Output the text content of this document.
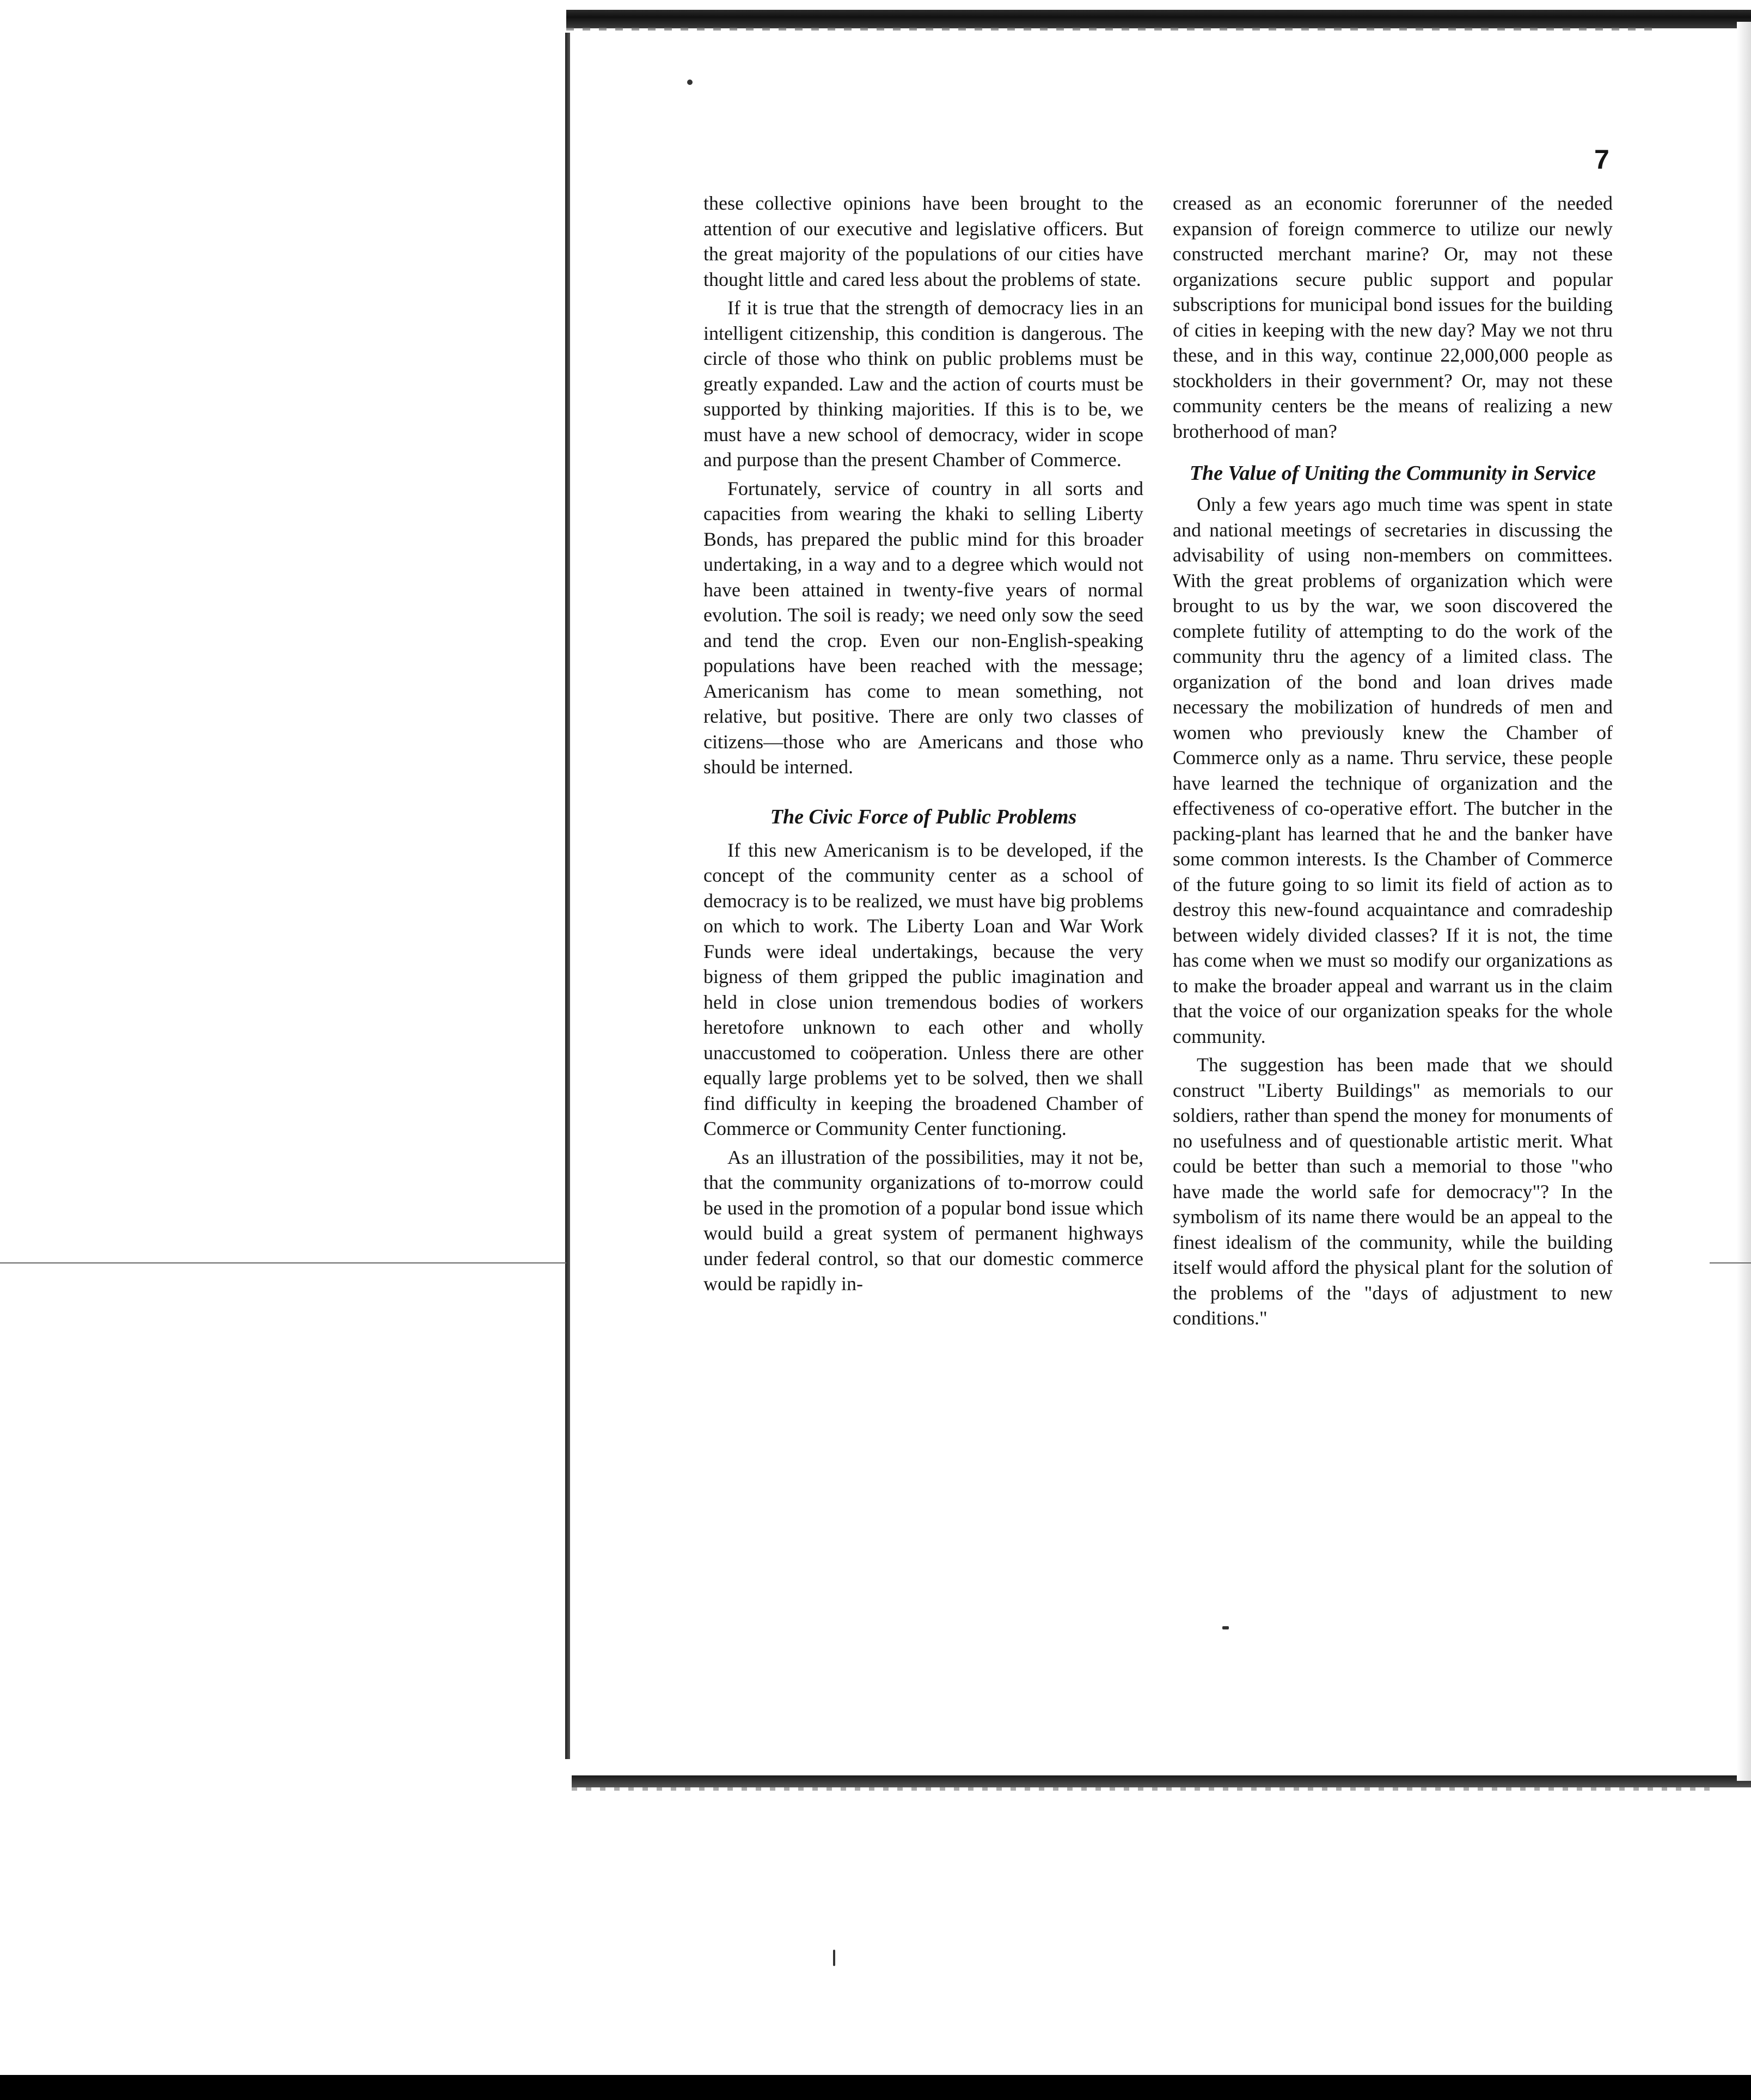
7

these collective opinions have been brought to the attention of our executive and legislative officers. But the great majority of the populations of our cities have thought little and cared less about the problems of state.

If it is true that the strength of democracy lies in an intelligent citizenship, this condition is dangerous. The circle of those who think on public problems must be greatly expanded. Law and the action of courts must be supported by thinking majorities. If this is to be, we must have a new school of democracy, wider in scope and purpose than the present Chamber of Commerce.

Fortunately, service of country in all sorts and capacities from wearing the khaki to selling Liberty Bonds, has prepared the public mind for this broader undertaking, in a way and to a degree which would not have been attained in twenty-five years of normal evolution. The soil is ready; we need only sow the seed and tend the crop. Even our non-English-speaking populations have been reached with the message; Americanism has come to mean something, not relative, but positive. There are only two classes of citizens—those who are Americans and those who should be interned.

The Civic Force of Public Problems

If this new Americanism is to be developed, if the concept of the community center as a school of democracy is to be realized, we must have big problems on which to work. The Liberty Loan and War Work Funds were ideal undertakings, because the very bigness of them gripped the public imagination and held in close union tremendous bodies of workers heretofore unknown to each other and wholly unaccustomed to coöperation. Unless there are other equally large problems yet to be solved, then we shall find difficulty in keeping the broadened Chamber of Commerce or Community Center functioning.

As an illustration of the possibilities, may it not be, that the community organizations of to-morrow could be used in the promotion of a popular bond issue which would build a great system of permanent highways under federal control, so that our domestic commerce would be rapidly in-

creased as an economic forerunner of the needed expansion of foreign commerce to utilize our newly constructed merchant marine? Or, may not these organizations secure public support and popular subscriptions for municipal bond issues for the building of cities in keeping with the new day? May we not thru these, and in this way, continue 22,000,000 people as stockholders in their government? Or, may not these community centers be the means of realizing a new brotherhood of man?

The Value of Uniting the Community in Service

Only a few years ago much time was spent in state and national meetings of secretaries in discussing the advisability of using non-members on committees. With the great problems of organization which were brought to us by the war, we soon discovered the complete futility of attempting to do the work of the community thru the agency of a limited class. The organization of the bond and loan drives made necessary the mobilization of hundreds of men and women who previously knew the Chamber of Commerce only as a name. Thru service, these people have learned the technique of organization and the effectiveness of co-operative effort. The butcher in the packing-plant has learned that he and the banker have some common interests. Is the Chamber of Commerce of the future going to so limit its field of action as to destroy this new-found acquaintance and comradeship between widely divided classes? If it is not, the time has come when we must so modify our organizations as to make the broader appeal and warrant us in the claim that the voice of our organization speaks for the whole community.

The suggestion has been made that we should construct "Liberty Buildings" as memorials to our soldiers, rather than spend the money for monuments of no usefulness and of questionable artistic merit. What could be better than such a memorial to those "who have made the world safe for democracy"? In the symbolism of its name there would be an appeal to the finest idealism of the community, while the building itself would afford the physical plant for the solution of the problems of the "days of adjustment to new conditions."
